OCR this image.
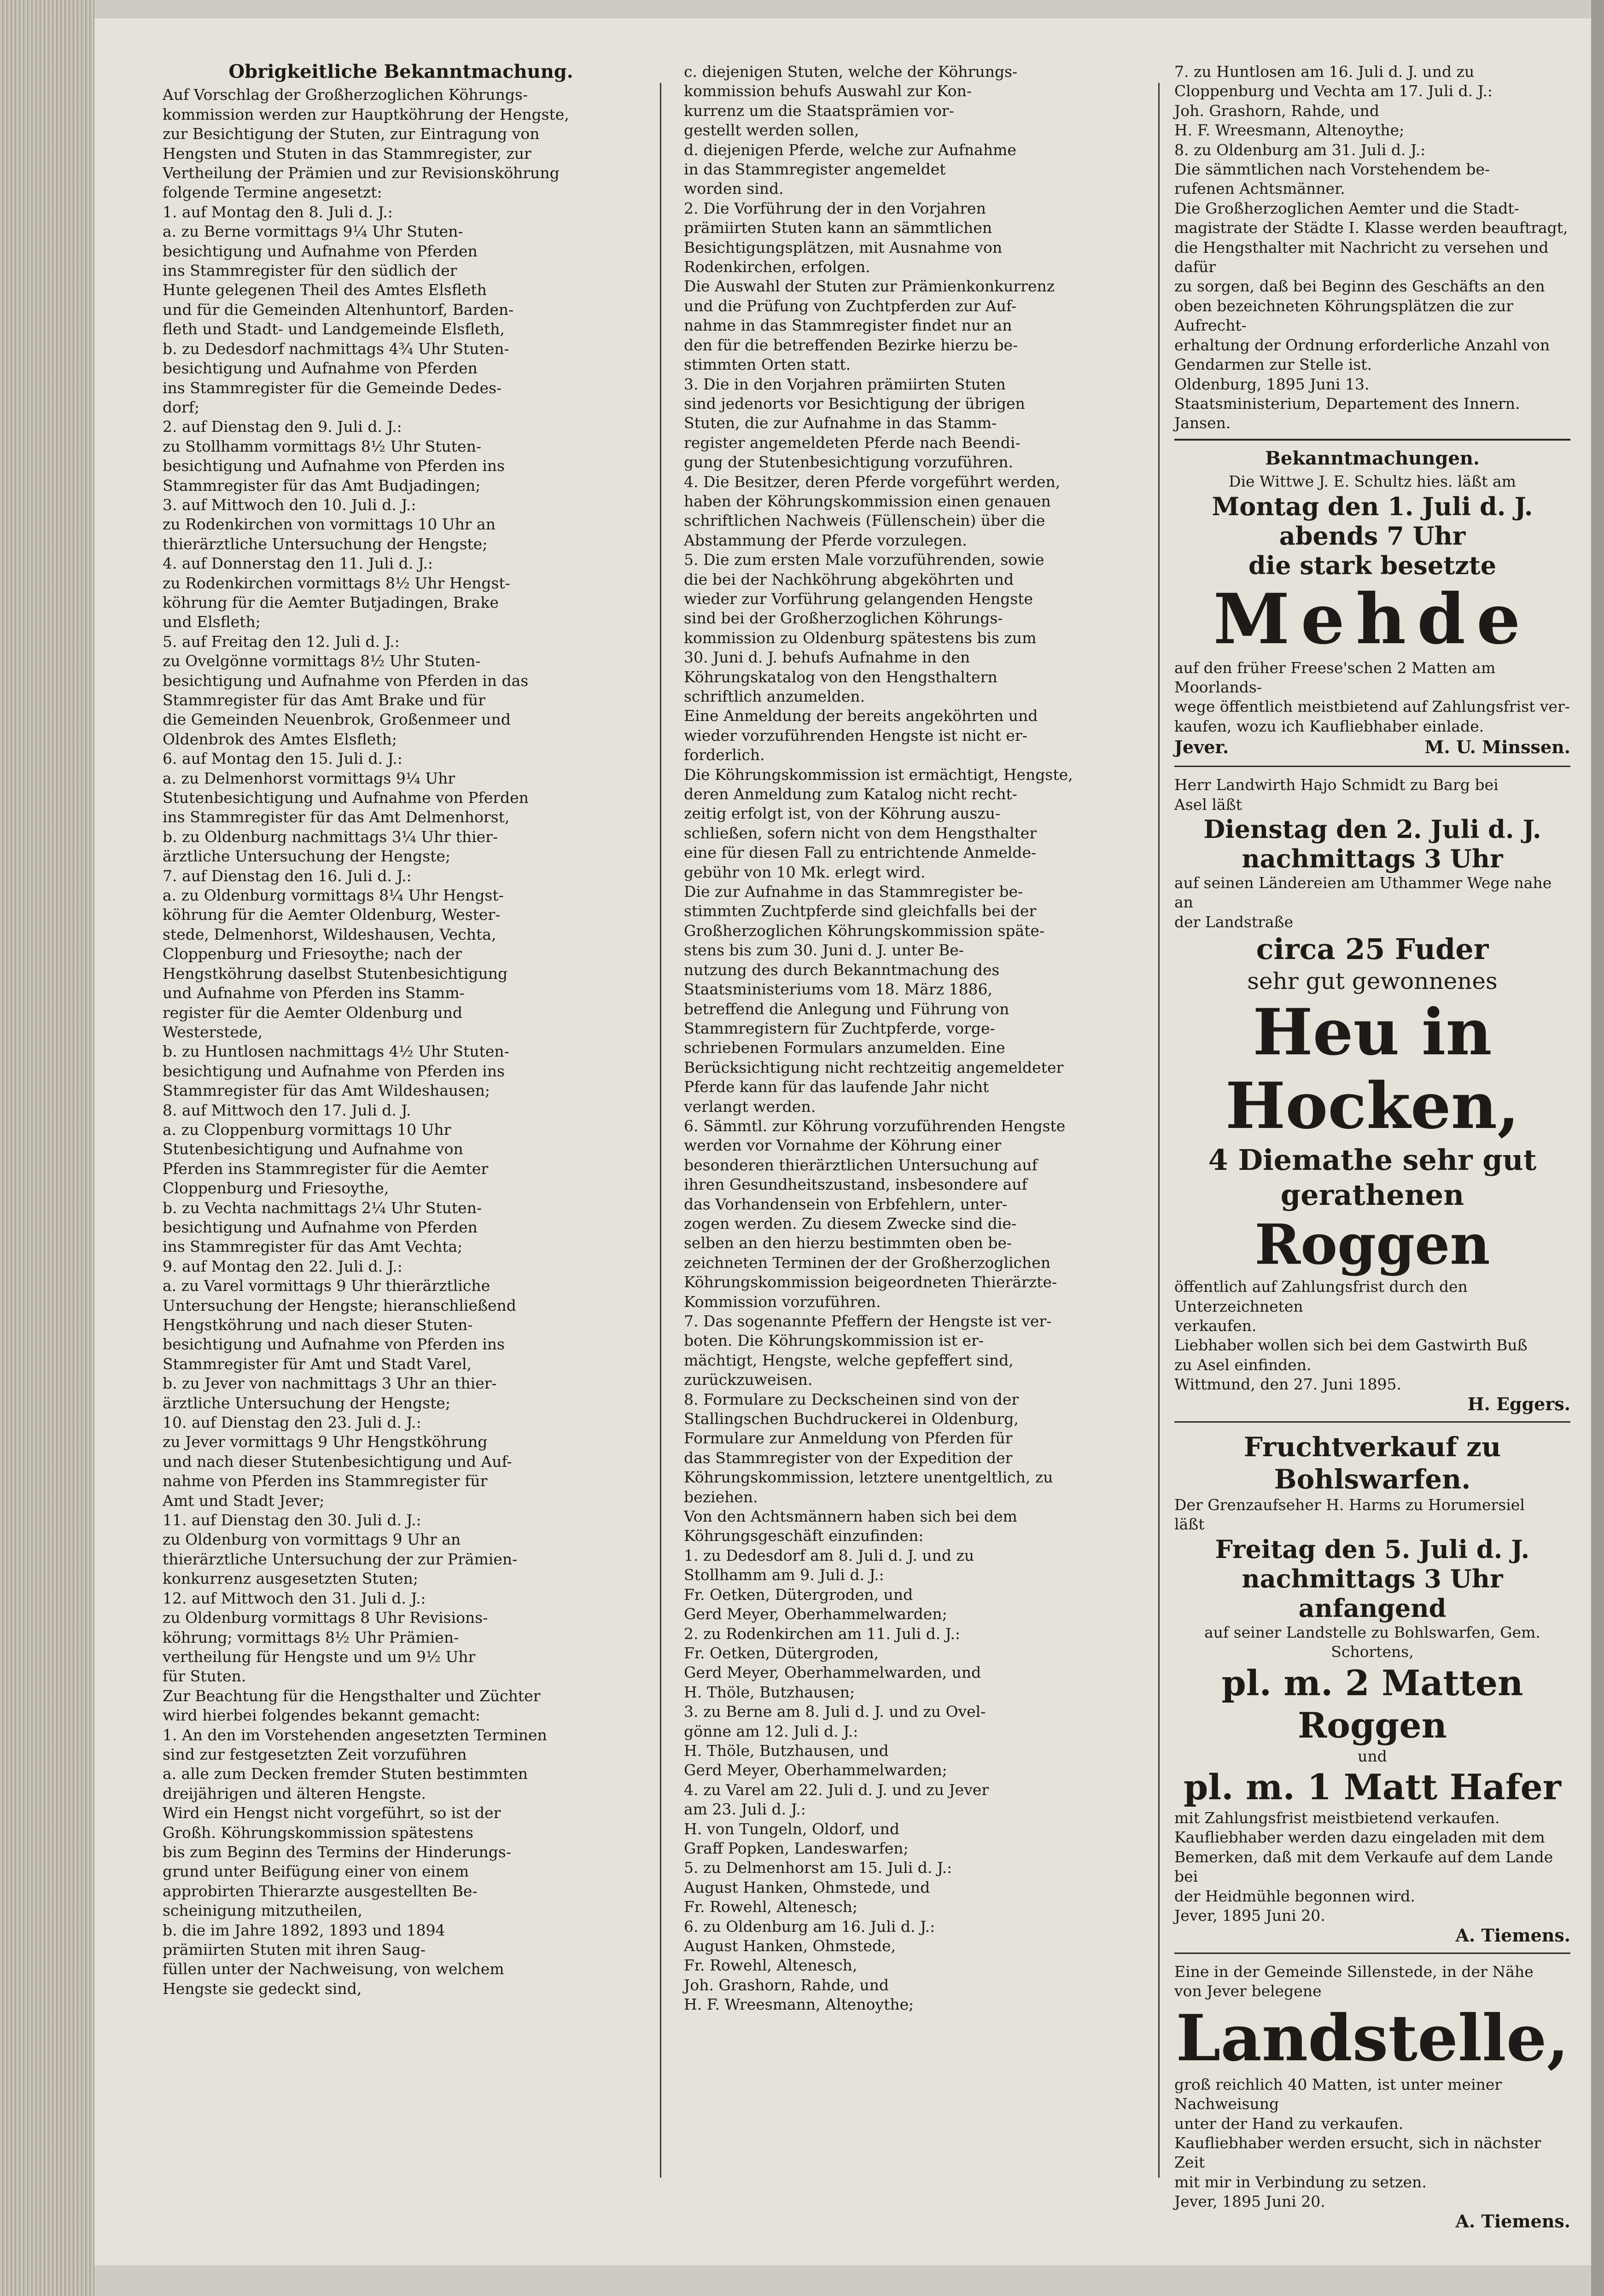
Obrigkeitliche Bekanntmachung.

Auf Vorschlag der Großherzoglichen Köhrungs-

kommission werden zur Hauptköhrung der Hengste,

zur Besichtigung der Stuten, zur Eintragung von

Hengsten und Stuten in das Stammregister, zur

Vertheilung der Prämien und zur Revisionsköhrung

folgende Termine angesetzt:

1. auf Montag den 8. Juli d. J.:

a. zu Berne vormittags 9¼ Uhr Stuten-

besichtigung und Aufnahme von Pferden

ins Stammregister für den südlich der

Hunte gelegenen Theil des Amtes Elsfleth

und für die Gemeinden Altenhuntorf, Barden-

fleth und Stadt- und Landgemeinde Elsfleth,

b. zu Dedesdorf nachmittags 4¾ Uhr Stuten-

besichtigung und Aufnahme von Pferden

ins Stammregister für die Gemeinde Dedes-

dorf;

2. auf Dienstag den 9. Juli d. J.:

zu Stollhamm vormittags 8½ Uhr Stuten-

besichtigung und Aufnahme von Pferden ins

Stammregister für das Amt Budjadingen;

3. auf Mittwoch den 10. Juli d. J.:

zu Rodenkirchen von vormittags 10 Uhr an

thierärztliche Untersuchung der Hengste;

4. auf Donnerstag den 11. Juli d. J.:

zu Rodenkirchen vormittags 8½ Uhr Hengst-

köhrung für die Aemter Butjadingen, Brake

und Elsfleth;

5. auf Freitag den 12. Juli d. J.:

zu Ovelgönne vormittags 8½ Uhr Stuten-

besichtigung und Aufnahme von Pferden in das

Stammregister für das Amt Brake und für

die Gemeinden Neuenbrok, Großenmeer und

Oldenbrok des Amtes Elsfleth;

6. auf Montag den 15. Juli d. J.:

a. zu Delmenhorst vormittags 9¼ Uhr

Stutenbesichtigung und Aufnahme von Pferden

ins Stammregister für das Amt Delmenhorst,

b. zu Oldenburg nachmittags 3¼ Uhr thier-

ärztliche Untersuchung der Hengste;

7. auf Dienstag den 16. Juli d. J.:

a. zu Oldenburg vormittags 8¼ Uhr Hengst-

köhrung für die Aemter Oldenburg, Wester-

stede, Delmenhorst, Wildeshausen, Vechta,

Cloppenburg und Friesoythe; nach der

Hengstköhrung daselbst Stutenbesichtigung

und Aufnahme von Pferden ins Stamm-

register für die Aemter Oldenburg und

Westerstede,

b. zu Huntlosen nachmittags 4½ Uhr Stuten-

besichtigung und Aufnahme von Pferden ins

Stammregister für das Amt Wildeshausen;

8. auf Mittwoch den 17. Juli d. J.

a. zu Cloppenburg vormittags 10 Uhr

Stutenbesichtigung und Aufnahme von

Pferden ins Stammregister für die Aemter

Cloppenburg und Friesoythe,

b. zu Vechta nachmittags 2¼ Uhr Stuten-

besichtigung und Aufnahme von Pferden

ins Stammregister für das Amt Vechta;

9. auf Montag den 22. Juli d. J.:

a. zu Varel vormittags 9 Uhr thierärztliche

Untersuchung der Hengste; hieranschließend

Hengstköhrung und nach dieser Stuten-

besichtigung und Aufnahme von Pferden ins

Stammregister für Amt und Stadt Varel,

b. zu Jever von nachmittags 3 Uhr an thier-

ärztliche Untersuchung der Hengste;

10. auf Dienstag den 23. Juli d. J.:

zu Jever vormittags 9 Uhr Hengstköhrung

und nach dieser Stutenbesichtigung und Auf-

nahme von Pferden ins Stammregister für

Amt und Stadt Jever;

11. auf Dienstag den 30. Juli d. J.:

zu Oldenburg von vormittags 9 Uhr an

thierärztliche Untersuchung der zur Prämien-

konkurrenz ausgesetzten Stuten;

12. auf Mittwoch den 31. Juli d. J.:

zu Oldenburg vormittags 8 Uhr Revisions-

köhrung; vormittags 8½ Uhr Prämien-

vertheilung für Hengste und um 9½ Uhr

für Stuten.

Zur Beachtung für die Hengsthalter und Züchter

wird hierbei folgendes bekannt gemacht:

1. An den im Vorstehenden angesetzten Terminen

sind zur festgesetzten Zeit vorzuführen

a. alle zum Decken fremder Stuten bestimmten

dreijährigen und älteren Hengste.

Wird ein Hengst nicht vorgeführt, so ist der

Großh. Köhrungskommission spätestens

bis zum Beginn des Termins der Hinderungs-

grund unter Beifügung einer von einem

approbirten Thierarzte ausgestellten Be-

scheinigung mitzutheilen,

b. die im Jahre 1892, 1893 und 1894

prämiirten Stuten mit ihren Saug-

füllen unter der Nachweisung, von welchem

Hengste sie gedeckt sind,

c. diejenigen Stuten, welche der Köhrungs-

kommission behufs Auswahl zur Kon-

kurrenz um die Staatsprämien vor-

gestellt werden sollen,

d. diejenigen Pferde, welche zur Aufnahme

in das Stammregister angemeldet

worden sind.

2. Die Vorführung der in den Vorjahren

prämiirten Stuten kann an sämmtlichen

Besichtigungsplätzen, mit Ausnahme von

Rodenkirchen, erfolgen.

Die Auswahl der Stuten zur Prämienkonkurrenz

und die Prüfung von Zuchtpferden zur Auf-

nahme in das Stammregister findet nur an

den für die betreffenden Bezirke hierzu be-

stimmten Orten statt.

3. Die in den Vorjahren prämiirten Stuten

sind jedenorts vor Besichtigung der übrigen

Stuten, die zur Aufnahme in das Stamm-

register angemeldeten Pferde nach Beendi-

gung der Stutenbesichtigung vorzuführen.

4. Die Besitzer, deren Pferde vorgeführt werden,

haben der Köhrungskommission einen genauen

schriftlichen Nachweis (Füllenschein) über die

Abstammung der Pferde vorzulegen.

5. Die zum ersten Male vorzuführenden, sowie

die bei der Nachköhrung abgeköhrten und

wieder zur Vorführung gelangenden Hengste

sind bei der Großherzoglichen Köhrungs-

kommission zu Oldenburg spätestens bis zum

30. Juni d. J. behufs Aufnahme in den

Köhrungskatalog von den Hengsthaltern

schriftlich anzumelden.

Eine Anmeldung der bereits angeköhrten und

wieder vorzuführenden Hengste ist nicht er-

forderlich.

Die Köhrungskommission ist ermächtigt, Hengste,

deren Anmeldung zum Katalog nicht recht-

zeitig erfolgt ist, von der Köhrung auszu-

schließen, sofern nicht von dem Hengsthalter

eine für diesen Fall zu entrichtende Anmelde-

gebühr von 10 Mk. erlegt wird.

Die zur Aufnahme in das Stammregister be-

stimmten Zuchtpferde sind gleichfalls bei der

Großherzoglichen Köhrungskommission späte-

stens bis zum 30. Juni d. J. unter Be-

nutzung des durch Bekanntmachung des

Staatsministeriums vom 18. März 1886,

betreffend die Anlegung und Führung von

Stammregistern für Zuchtpferde, vorge-

schriebenen Formulars anzumelden. Eine

Berücksichtigung nicht rechtzeitig angemeldeter

Pferde kann für das laufende Jahr nicht

verlangt werden.

6. Sämmtl. zur Köhrung vorzuführenden Hengste

werden vor Vornahme der Köhrung einer

besonderen thierärztlichen Untersuchung auf

ihren Gesundheitszustand, insbesondere auf

das Vorhandensein von Erbfehlern, unter-

zogen werden. Zu diesem Zwecke sind die-

selben an den hierzu bestimmten oben be-

zeichneten Terminen der der Großherzoglichen

Köhrungskommission beigeordneten Thierärzte-

Kommission vorzuführen.

7. Das sogenannte Pfeffern der Hengste ist ver-

boten. Die Köhrungskommission ist er-

mächtigt, Hengste, welche gepfeffert sind,

zurückzuweisen.

8. Formulare zu Deckscheinen sind von der

Stallingschen Buchdruckerei in Oldenburg,

Formulare zur Anmeldung von Pferden für

das Stammregister von der Expedition der

Köhrungskommission, letztere unentgeltlich, zu

beziehen.

Von den Achtsmännern haben sich bei dem

Köhrungsgeschäft einzufinden:

1. zu Dedesdorf am 8. Juli d. J. und zu

Stollhamm am 9. Juli d. J.:

Fr. Oetken, Dütergroden, und

Gerd Meyer, Oberhammelwarden;

2. zu Rodenkirchen am 11. Juli d. J.:

Fr. Oetken, Dütergroden,

Gerd Meyer, Oberhammelwarden, und

H. Thöle, Butzhausen;

3. zu Berne am 8. Juli d. J. und zu Ovel-

gönne am 12. Juli d. J.:

H. Thöle, Butzhausen, und

Gerd Meyer, Oberhammelwarden;

4. zu Varel am 22. Juli d. J. und zu Jever

am 23. Juli d. J.:

H. von Tungeln, Oldorf, und

Graff Popken, Landeswarfen;

5. zu Delmenhorst am 15. Juli d. J.:

August Hanken, Ohmstede, und

Fr. Rowehl, Altenesch;

6. zu Oldenburg am 16. Juli d. J.:

August Hanken, Ohmstede,

Fr. Rowehl, Altenesch,

Joh. Grashorn, Rahde, und

H. F. Wreesmann, Altenoythe;

7. zu Huntlosen am 16. Juli d. J. und zu

Cloppenburg und Vechta am 17. Juli d. J.:

Joh. Grashorn, Rahde, und

H. F. Wreesmann, Altenoythe;

8. zu Oldenburg am 31. Juli d. J.:

Die sämmtlichen nach Vorstehendem be-

rufenen Achtsmänner.

Die Großherzoglichen Aemter und die Stadt-

magistrate der Städte I. Klasse werden beauftragt,

die Hengsthalter mit Nachricht zu versehen und dafür

zu sorgen, daß bei Beginn des Geschäfts an den

oben bezeichneten Köhrungsplätzen die zur Aufrecht-

erhaltung der Ordnung erforderliche Anzahl von

Gendarmen zur Stelle ist.

Oldenburg, 1895 Juni 13.

Staatsministerium, Departement des Innern.

Jansen.

Bekanntmachungen.

Die Wittwe J. E. Schultz hies. läßt am

Montag den 1. Juli d. J.

abends 7 Uhr

die stark besetzte

Mehde

auf den früher Freese'schen 2 Matten am Moorlands-

wege öffentlich meistbietend auf Zahlungsfrist ver-

kaufen, wozu ich Kaufliebhaber einlade.

Jever.	M. U. Minssen.

Herr Landwirth Hajo Schmidt zu Barg bei

Asel läßt

Dienstag den 2. Juli d. J.

nachmittags 3 Uhr

auf seinen Ländereien am Uthammer Wege nahe an

der Landstraße

circa 25 Fuder

sehr gut gewonnenes

Heu in Hocken,

4 Diemathe sehr gut

gerathenen

Roggen

öffentlich auf Zahlungsfrist durch den Unterzeichneten

verkaufen.

Liebhaber wollen sich bei dem Gastwirth Buß

zu Asel einfinden.

Wittmund, den 27. Juni 1895.

H. Eggers.

Fruchtverkauf zu Bohlswarfen.

Der Grenzaufseher H. Harms zu Horumersiel

läßt

Freitag den 5. Juli d. J.

nachmittags 3 Uhr anfangend

auf seiner Landstelle zu Bohlswarfen, Gem. Schortens,

pl. m. 2 Matten Roggen

und

pl. m. 1 Matt Hafer

mit Zahlungsfrist meistbietend verkaufen.

Kaufliebhaber werden dazu eingeladen mit dem

Bemerken, daß mit dem Verkaufe auf dem Lande bei

der Heidmühle begonnen wird.

Jever, 1895 Juni 20.

A. Tiemens.

Eine in der Gemeinde Sillenstede, in der Nähe

von Jever belegene

Landstelle,

groß reichlich 40 Matten, ist unter meiner Nachweisung

unter der Hand zu verkaufen.

Kaufliebhaber werden ersucht, sich in nächster Zeit

mit mir in Verbindung zu setzen.

Jever, 1895 Juni 20.

A. Tiemens.
